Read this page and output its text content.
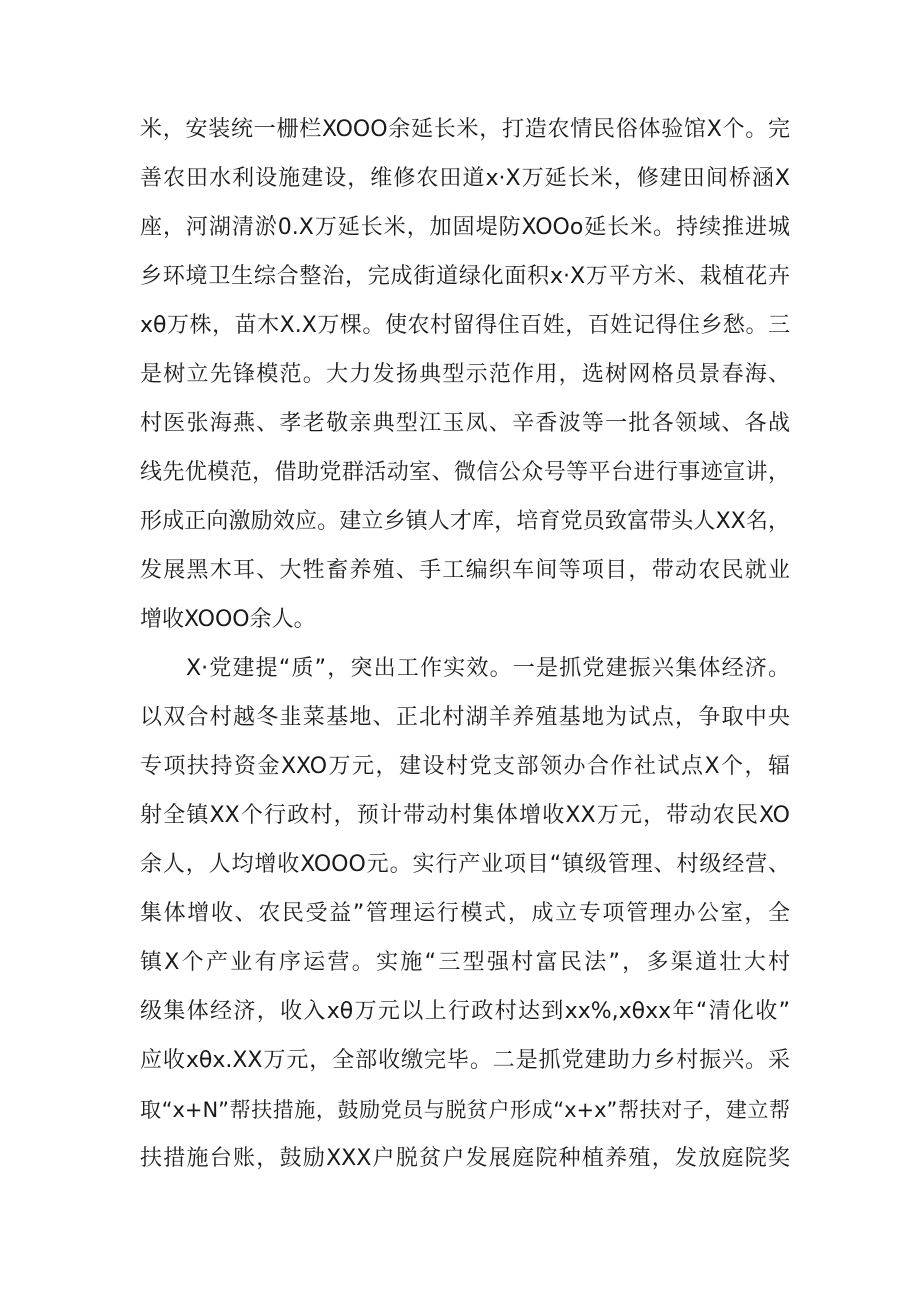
米，安装统一栅栏XOOO余延长米，打造农情民俗体验馆X个。完
善农田水利设施建设，维修农田道x·X万延长米，修建田间桥涵X
座，河湖清淤0.X万延长米，加固堤防XOOo延长米。持续推进城
乡环境卫生综合整治，完成街道绿化面积x·X万平方米、栽植花卉
xθ万株，苗木X.X万棵。使农村留得住百姓，百姓记得住乡愁。三
是树立先锋模范。大力发扬典型示范作用，选树网格员景春海、
村医张海燕、孝老敬亲典型江玉凤、辛香波等一批各领域、各战
线先优模范，借助党群活动室、微信公众号等平台进行事迹宣讲，
形成正向激励效应。建立乡镇人才库，培育党员致富带头人XX名，
发展黑木耳、大牲畜养殖、手工编织车间等项目，带动农民就业
增收XOOO余人。
X·党建提“质”，突出工作实效。一是抓党建振兴集体经济。
以双合村越冬韭菜基地、正北村湖羊养殖基地为试点，争取中央
专项扶持资金XXO万元，建设村党支部领办合作社试点X个，辐
射全镇XX个行政村，预计带动村集体增收XX万元，带动农民XO
余人，人均增收XOOO元。实行产业项目“镇级管理、村级经营、
集体增收、农民受益”管理运行模式，成立专项管理办公室，全
镇X个产业有序运营。实施“三型强村富民法”，多渠道壮大村
级集体经济，收入xθ万元以上行政村达到xx%,xθxx年“清化收”
应收xθx.XX万元，全部收缴完毕。二是抓党建助力乡村振兴。采
取“x+N”帮扶措施，鼓励党员与脱贫户形成“x+x”帮扶对子，建立帮
扶措施台账，鼓励XXX户脱贫户发展庭院种植养殖，发放庭院奖
